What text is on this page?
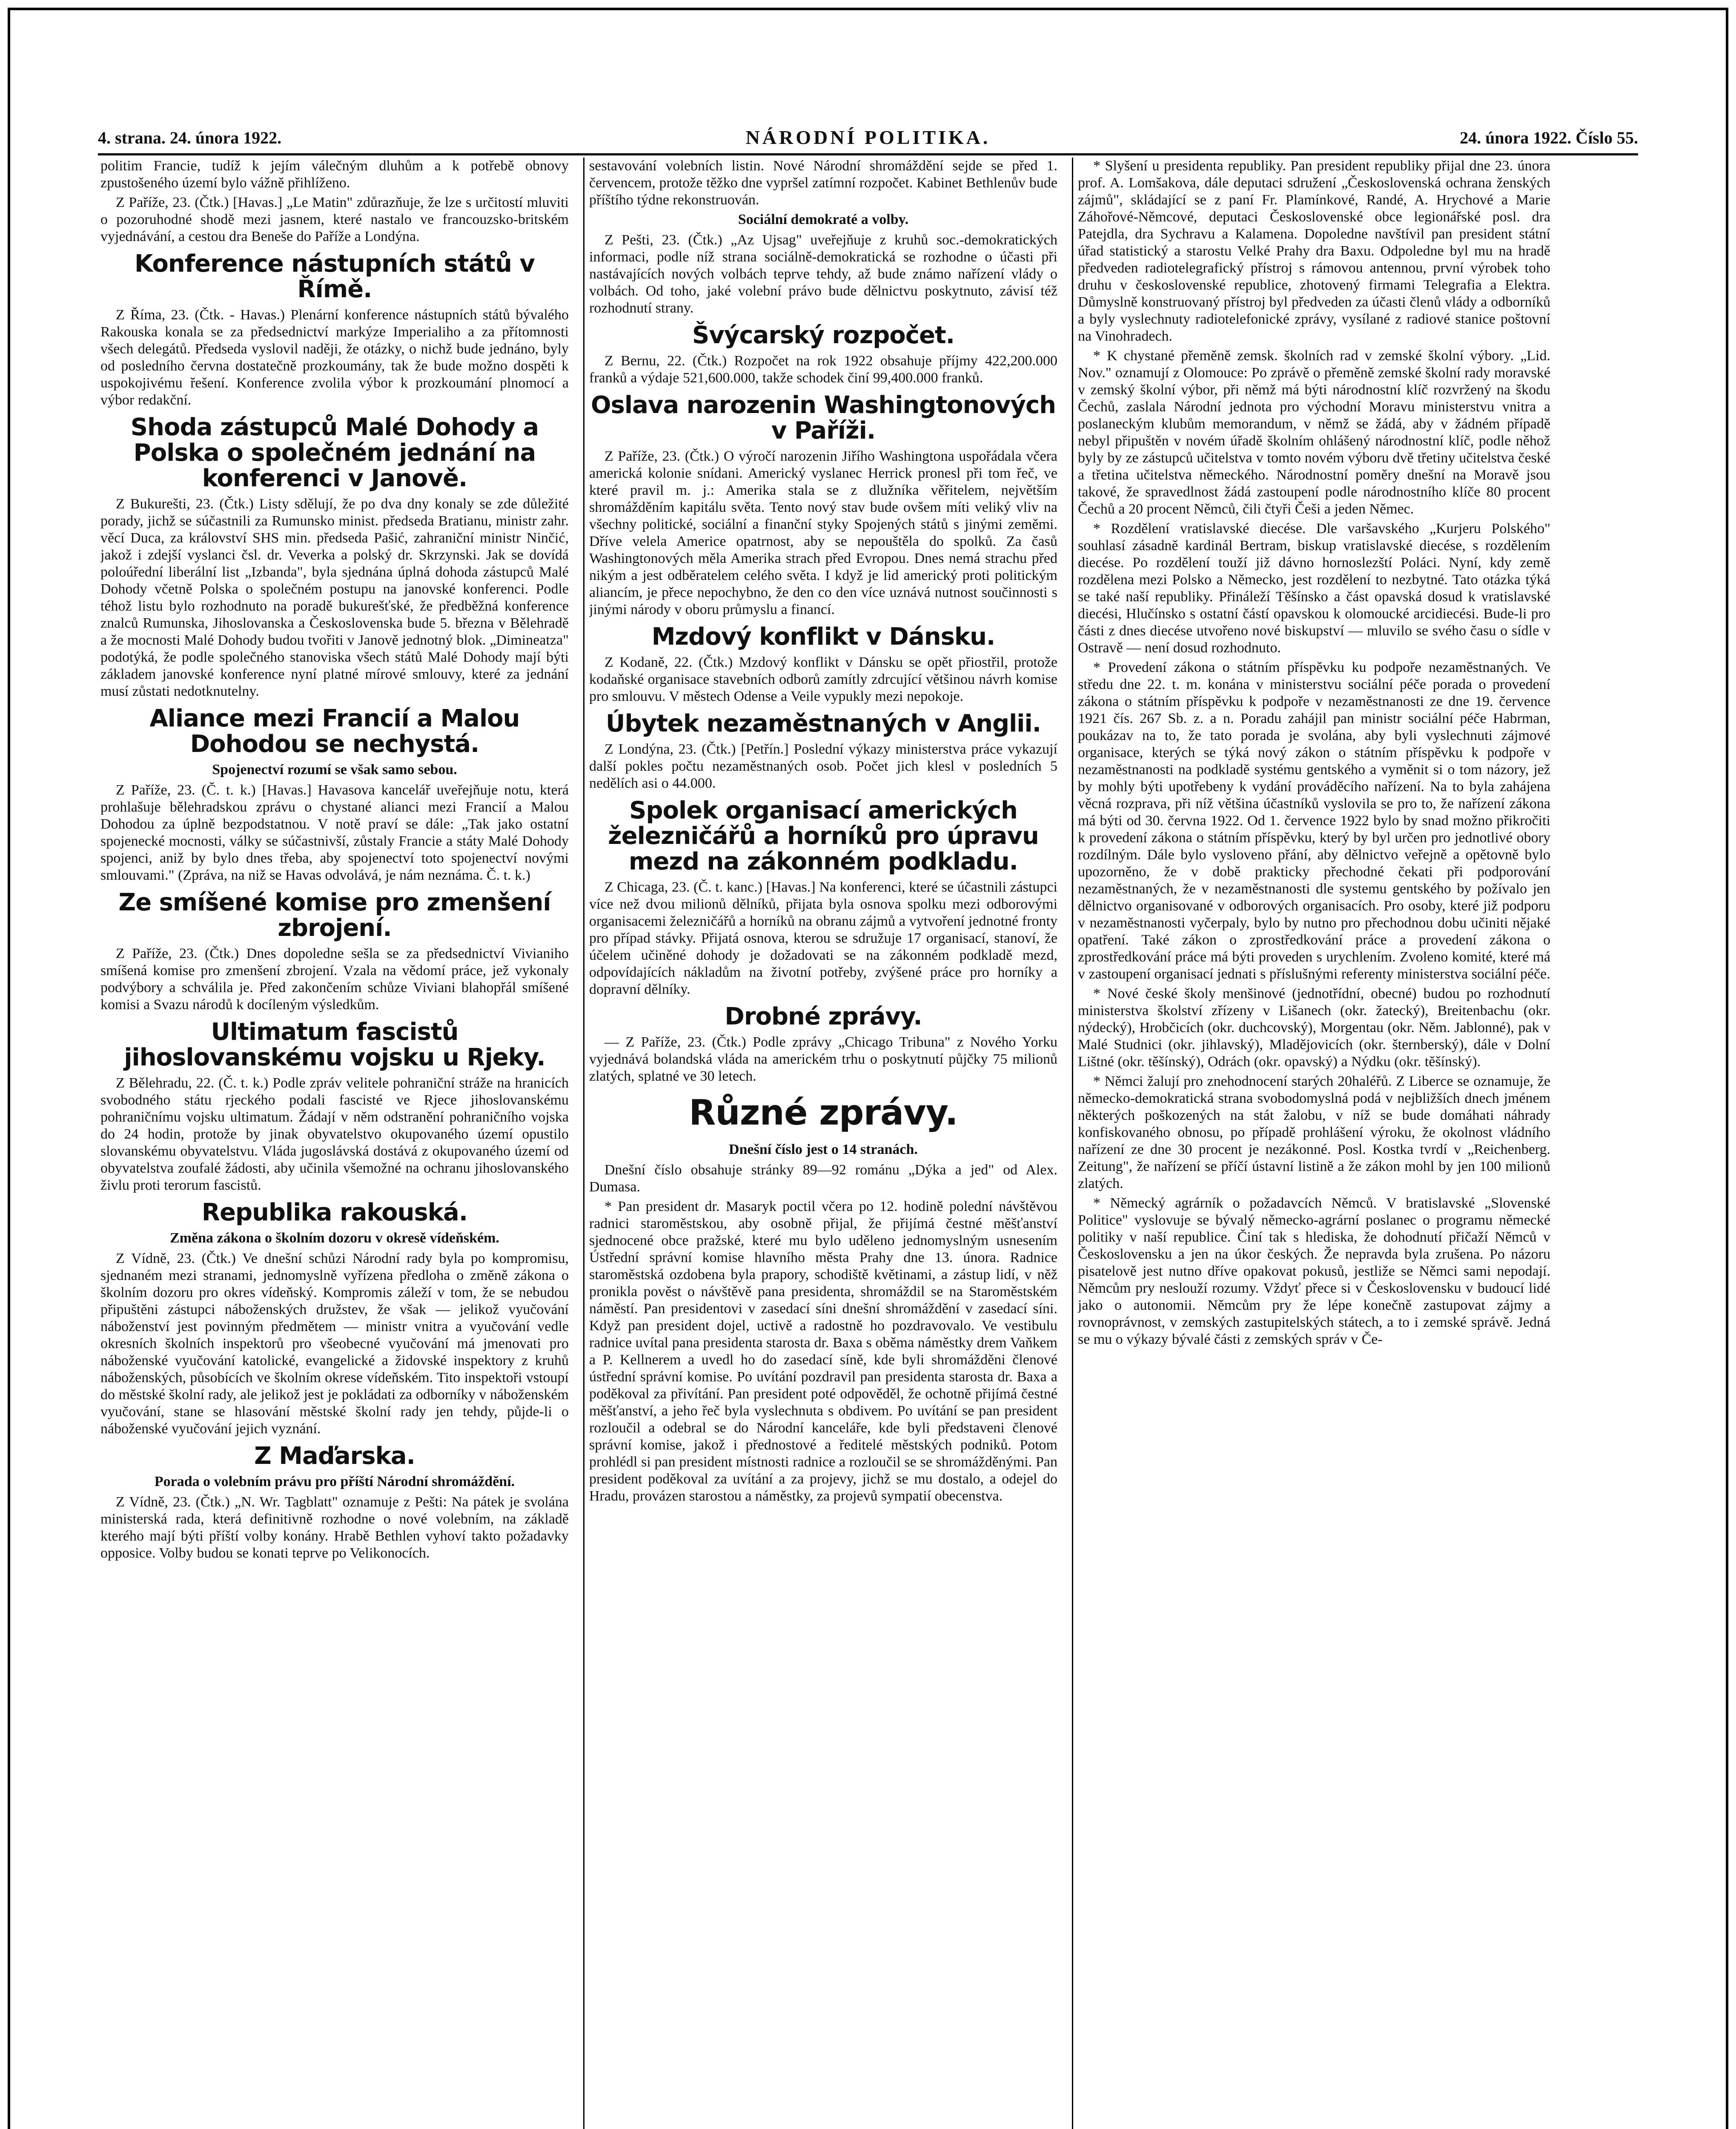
4. strana. 24. února 1922.	NÁRODNÍ POLITIKA.	24. února 1922. Číslo 55.

politim Francie, tudíž k jejím válečným dluhům a k potřebě obnovy zpustošeného území bylo vážně přihlíženo.

Z Paříže, 23. (Čtk.) [Havas.] „Le Matin" zdůrazňuje, že lze s určitostí mluviti o pozoruhodné shodě mezi jasnem, které nastalo ve francouzsko-britském vyjednávání, a cestou dra Beneše do Paříže a Londýna.

Konference nástupních států v Římě.

Z Říma, 23. (Čtk. - Havas.) Plenární konference nástupních států bývalého Rakouska konala se za předsednictví markýze Imperialiho a za přítomnosti všech delegátů. Předseda vyslovil naději, že otázky, o nichž bude jednáno, byly od posledního června dostatečně prozkoumány, tak že bude možno dospěti k uspokojivému řešení. Konference zvolila výbor k prozkoumání plnomocí a výbor redakční.

Shoda zástupců Malé Dohody a Polska o společném jednání na konferenci v Janově.

Z Bukurešti, 23. (Čtk.) Listy sdělují, že po dva dny konaly se zde důležité porady, jichž se súčastnili za Rumunsko minist. předseda Bratianu, ministr zahr. věcí Duca, za království SHS min. předseda Pašić, zahraniční ministr Ninčić, jakož i zdejší vyslanci čsl. dr. Veverka a polský dr. Skrzynski. Jak se dovídá poloúřední liberální list „Izbanda", byla sjednána úplná dohoda zástupců Malé Dohody včetně Polska o společném postupu na janovské konferenci. Podle téhož listu bylo rozhodnuto na poradě bukurešťské, že předběžná konference znalců Rumunska, Jihoslovanska a Československa bude 5. března v Bělehradě a že mocnosti Malé Dohody budou tvořiti v Janově jednotný blok. „Dimineatza" podotýká, že podle společného stanoviska všech států Malé Dohody mají býti základem janovské konference nyní platné mírové smlouvy, které za jednání musí zůstati nedotknutelny.

Aliance mezi Francií a Malou Dohodou se nechystá.
Spojenectví rozumí se však samo sebou.

Z Paříže, 23. (Č. t. k.) [Havas.] Havasova kancelář uveřejňuje notu, která prohlašuje bělehradskou zprávu o chystané alianci mezi Francií a Malou Dohodou za úplně bezpodstatnou. V notě praví se dále: „Tak jako ostatní spojenecké mocnosti, války se súčastnivší, zůstaly Francie a státy Malé Dohody spojenci, aniž by bylo dnes třeba, aby spojenectví toto spojenectví novými smlouvami." (Zpráva, na niž se Havas odvolává, je nám neznáma. Č. t. k.)

Ze smíšené komise pro zmenšení zbrojení.

Z Paříže, 23. (Čtk.) Dnes dopoledne sešla se za předsednictví Vivianiho smíšená komise pro zmenšení zbrojení. Vzala na vědomí práce, jež vykonaly podvýbory a schválila je. Před zakončením schůze Viviani blahopřál smíšené komisi a Svazu národů k docíleným výsledkům.

Ultimatum fascistů jihoslovanskému vojsku u Rjeky.

Z Bělehradu, 22. (Č. t. k.) Podle zpráv velitele pohraniční stráže na hranicích svobodného státu rjeckého podali fascisté ve Rjece jihoslovanskému pohraničnímu vojsku ultimatum. Žádají v něm odstranění pohraničního vojska do 24 hodin, protože by jinak obyvatelstvo okupovaného území opustilo slovanskému obyvatelstvu. Vláda jugoslávská dostává z okupovaného území od obyvatelstva zoufalé žádosti, aby učinila všemožné na ochranu jihoslovanského živlu proti terorum fascistů.

Republika rakouská.
Změna zákona o školním dozoru v okresě vídeňském.

Z Vídně, 23. (Čtk.) Ve dnešní schůzi Národní rady byla po kompromisu, sjednaném mezi stranami, jednomyslně vyřízena předloha o změně zákona o školním dozoru pro okres vídeňský. Kompromis záleží v tom, že se nebudou připuštěni zástupci náboženských družstev, že však — jelikož vyučování náboženství jest povinným předmětem — ministr vnitra a vyučování vedle okresních školních inspektorů pro všeobecné vyučování má jmenovati pro náboženské vyučování katolické, evangelické a židovské inspektory z kruhů náboženských, působících ve školním okrese vídeňském. Tito inspektoři vstoupí do městské školní rady, ale jelikož jest je pokládati za odborníky v náboženském vyučování, stane se hlasování městské školní rady jen tehdy, půjde-li o náboženské vyučování jejich vyznání.

Z Maďarska.
Porada o volebním právu pro příští Národní shromáždění.

Z Vídně, 23. (Čtk.) „N. Wr. Tagblatt" oznamuje z Pešti: Na pátek je svolána ministerská rada, která definitivně rozhodne o nové volebním, na základě kterého mají býti příští volby konány. Hrabě Bethlen vyhoví takto požadavky opposice. Volby budou se konati teprve po Velikonocích.

sestavování volebních listin. Nové Národní shromáždění sejde se před 1. červencem, protože těžko dne vypršel zatímní rozpočet. Kabinet Bethlenův bude příštího týdne rekonstruován.

Sociální demokraté a volby.

Z Pešti, 23. (Čtk.) „Az Ujsag" uveřejňuje z kruhů soc.-demokratických informaci, podle níž strana sociálně-demokratická se rozhodne o účasti při nastávajících nových volbách teprve tehdy, až bude známo nařízení vlády o volbách. Od toho, jaké volební právo bude dělnictvu poskytnuto, závisí též rozhodnutí strany.

Švýcarský rozpočet.

Z Bernu, 22. (Čtk.) Rozpočet na rok 1922 obsahuje příjmy 422,200.000 franků a výdaje 521,600.000, takže schodek činí 99,400.000 franků.

Oslava narozenin Washingtonových v Paříži.

Z Paříže, 23. (Čtk.) O výročí narozenin Jiřího Washingtona uspořádala včera americká kolonie snídani. Americký vyslanec Herrick pronesl při tom řeč, ve které pravil m. j.: Amerika stala se z dlužníka věřitelem, největším shromážděním kapitálu světa. Tento nový stav bude ovšem míti veliký vliv na všechny politické, sociální a finanční styky Spojených států s jinými zeměmi. Dříve velela Americe opatrnost, aby se nepouštěla do spolků. Za časů Washingtonových měla Amerika strach před Evropou. Dnes nemá strachu před nikým a jest odběratelem celého světa. I když je lid americký proti politickým aliancím, je přece nepochybno, že den co den více uznává nutnost součinnosti s jinými národy v oboru průmyslu a financí.

Mzdový konflikt v Dánsku.

Z Kodaně, 22. (Čtk.) Mzdový konflikt v Dánsku se opět přiostřil, protože kodaňské organisace stavebních odborů zamítly zdrcující většinou návrh komise pro smlouvu. V městech Odense a Veile vypukly mezi nepokoje.

Úbytek nezaměstnaných v Anglii.

Z Londýna, 23. (Čtk.) [Petřín.] Poslední výkazy ministerstva práce vykazují další pokles počtu nezaměstnaných osob. Počet jich klesl v posledních 5 nedělích asi o 44.000.

Spolek organisací amerických železničářů a horníků pro úpravu mezd na zákonném podkladu.

Z Chicaga, 23. (Č. t. kanc.) [Havas.] Na konferenci, které se účastnili zástupci více než dvou milionů dělníků, přijata byla osnova spolku mezi odborovými organisacemi železničářů a horníků na obranu zájmů a vytvoření jednotné fronty pro případ stávky. Přijatá osnova, kterou se sdružuje 17 organisací, stanoví, že účelem učiněné dohody je dožadovati se na zákonném podkladě mezd, odpovídajících nákladům na životní potřeby, zvýšené práce pro horníky a dopravní dělníky.

Drobné zprávy.

— Z Paříže, 23. (Čtk.) Podle zprávy „Chicago Tribuna" z Nového Yorku vyjednává bolandská vláda na americkém trhu o poskytnutí půjčky 75 milionů zlatých, splatné ve 30 letech.

Různé zprávy.
Dnešní číslo jest o 14 stranách.

Dnešní číslo obsahuje stránky 89—92 románu „Dýka a jed" od Alex. Dumasa.

* Pan president dr. Masaryk poctil včera po 12. hodině polední návštěvou radnici staroměstskou, aby osobně přijal, že přijímá čestné měšťanství sjednocené obce pražské, které mu bylo uděleno jednomyslným usnesením Ústřední správní komise hlavního města Prahy dne 13. února. Radnice staroměstská ozdobena byla prapory, schodiště květinami, a zástup lidí, v něž pronikla pověst o návštěvě pana presidenta, shromáždil se na Staroměstském náměstí. Pan presidentovi v zasedací síni dnešní shromáždění v zasedací síni. Když pan president dojel, uctivě a radostně ho pozdravovalo. Ve vestibulu radnice uvítal pana presidenta starosta dr. Baxa s oběma náměstky drem Vaňkem a P. Kellnerem a uvedl ho do zasedací síně, kde byli shromážděni členové ústřední správní komise. Po uvítání pozdravil pan presidenta starosta dr. Baxa a poděkoval za přivítání. Pan president poté odpověděl, že ochotně přijímá čestné měšťanství, a jeho řeč byla vyslechnuta s obdivem. Po uvítání se pan president rozloučil a odebral se do Národní kanceláře, kde byli představeni členové správní komise, jakož i přednostové a ředitelé městských podniků. Potom prohlédl si pan president místnosti radnice a rozloučil se se shromážděnými. Pan president poděkoval za uvítání a za projevy, jichž se mu dostalo, a odejel do Hradu, provázen starostou a náměstky, za projevů sympatií obecenstva.

* Slyšení u presidenta republiky. Pan president republiky přijal dne 23. února prof. A. Lomšakova, dále deputaci sdružení „Československá ochrana ženských zájmů", skládající se z paní Fr. Plamínkové, Randé, A. Hrychové a Marie Záhořové-Němcové, deputaci Československé obce legionářské posl. dra Patejdla, dra Sychravu a Kalamena. Dopoledne navštívil pan president státní úřad statistický a starostu Velké Prahy dra Baxu. Odpoledne byl mu na hradě předveden radiotelegrafický přístroj s rámovou antennou, první výrobek toho druhu v československé republice, zhotovený firmami Telegrafia a Elektra. Důmyslně konstruovaný přístroj byl předveden za účasti členů vlády a odborníků a byly vyslechnuty radiotelefonické zprávy, vysílané z radiové stanice poštovní na Vinohradech.

* K chystané přeměně zemsk. školních rad v zemské školní výbory. „Lid. Nov." oznamují z Olomouce: Po zprávě o přeměně zemské školní rady moravské v zemský školní výbor, při němž má býti národnostní klíč rozvržený na škodu Čechů, zaslala Národní jednota pro východní Moravu ministerstvu vnitra a poslaneckým klubům memorandum, v němž se žádá, aby v žádném případě nebyl připuštěn v novém úřadě školním ohlášený národnostní klíč, podle něhož byly by ze zástupců učitelstva v tomto novém výboru dvě třetiny učitelstva české a třetina učitelstva německého. Národnostní poměry dnešní na Moravě jsou takové, že spravedlnost žádá zastoupení podle národnostního klíče 80 procent Čechů a 20 procent Němců, čili čtyři Češi a jeden Němec.

* Rozdělení vratislavské diecése. Dle varšavského „Kurjeru Polského" souhlasí zásadně kardinál Bertram, biskup vratislavské diecése, s rozdělením diecése. Po rozdělení touží již dávno hornoslezští Poláci. Nyní, kdy země rozdělena mezi Polsko a Německo, jest rozdělení to nezbytné. Tato otázka týká se také naší republiky. Přináleží Těšínsko a část opavská dosud k vratislavské diecési, Hlučínsko s ostatní částí opavskou k olomoucké arcidiecési. Bude-li pro části z dnes diecése utvořeno nové biskupství — mluvilo se svého času o sídle v Ostravě — není dosud rozhodnuto.

* Provedení zákona o státním příspěvku ku podpoře nezaměstnaných. Ve středu dne 22. t. m. konána v ministerstvu sociální péče porada o provedení zákona o státním příspěvku k podpoře v nezaměstnanosti ze dne 19. července 1921 čís. 267 Sb. z. a n. Poradu zahájil pan ministr sociální péče Habrman, poukázav na to, že tato porada je svolána, aby byli vyslechnuti zájmové organisace, kterých se týká nový zákon o státním příspěvku k podpoře v nezaměstnanosti na podkladě systému gentského a vyměnit si o tom názory, jež by mohly býti upotřebeny k vydání prováděcího nařízení. Na to byla zahájena věcná rozprava, při níž většina účastníků vyslovila se pro to, že nařízení zákona má býti od 30. června 1922. Od 1. července 1922 bylo by snad možno přikročiti k provedení zákona o státním příspěvku, který by byl určen pro jednotlivé obory rozdílným. Dále bylo vysloveno přání, aby dělnictvo veřejně a opětovně bylo upozorněno, že v době prakticky přechodné čekati při podporování nezaměstnaných, že v nezaměstnanosti dle systemu gentského by požívalo jen dělnictvo organisované v odborových organisacích. Pro osoby, které již podporu v nezaměstnanosti vyčerpaly, bylo by nutno pro přechodnou dobu učiniti nějaké opatření. Také zákon o zprostředkování práce a provedení zákona o zprostředkování práce má býti proveden s urychlením. Zvoleno komité, které má v zastoupení organisací jednati s příslušnými referenty ministerstva sociální péče.

* Nové české školy menšinové (jednotřídní, obecné) budou po rozhodnutí ministerstva školství zřízeny v Lišanech (okr. žatecký), Breitenbachu (okr. nýdecký), Hrobčicích (okr. duchcovský), Morgentau (okr. Něm. Jablonné), pak v Malé Studnici (okr. jihlavský), Mladějovicích (okr. šternberský), dále v Dolní Lištné (okr. těšínský), Odrách (okr. opavský) a Nýdku (okr. těšínský).

* Němci žalují pro znehodnocení starých 20haléřů. Z Liberce se oznamuje, že německo-demokratická strana svobodomyslná podá v nejbližších dnech jménem některých poškozených na stát žalobu, v níž se bude domáhati náhrady konfiskovaného obnosu, po případě prohlášení výroku, že okolnost vládního nařízení ze dne 30 procent je nezákonné. Posl. Kostka tvrdí v „Reichenberg. Zeitung", že nařízení se příčí ústavní listině a že zákon mohl by jen 100 milionů zlatých.

* Německý agrárník o požadavcích Němců. V bratislavské „Slovenské Politice" vyslovuje se bývalý německo-agrární poslanec o programu německé politiky v naší republice. Činí tak s hlediska, že dohodnutí přičaží Němců v Československu a jen na úkor českých. Že nepravda byla zrušena. Po názoru pisatelově jest nutno dříve opakovat pokusů, jestliže se Němci sami nepodají. Němcům pry neslouží rozumy. Vždyť přece si v Československu v budoucí lidé jako o autonomii. Němcům pry že lépe konečně zastupovat zájmy a rovnoprávnost, v zemských zastupitelských státech, a to i zemské správě. Jedná se mu o výkazy bývalé části z zemských správ v Če-
